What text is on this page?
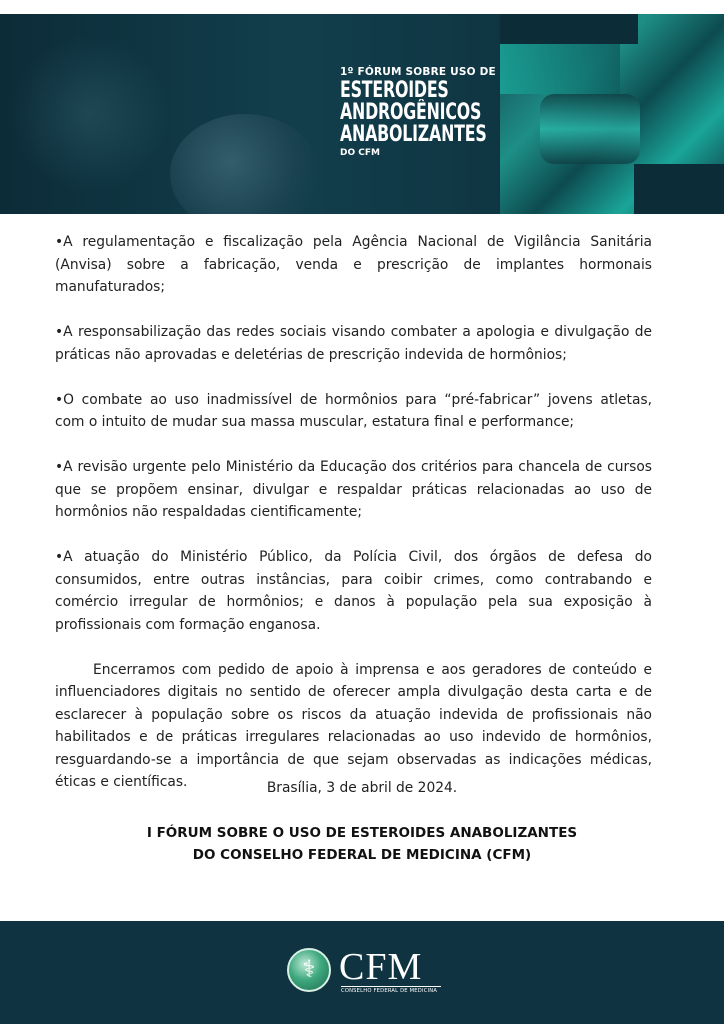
1º FÓRUM SOBRE USO DE
ESTEROIDES
ANDROGÊNICOS
ANABOLIZANTES
DO CFM

•A regulamentação e fiscalização pela Agência Nacional de Vigilância Sanitária (Anvisa) sobre a fabricação, venda e prescrição de implantes hormonais manufaturados;

•A responsabilização das redes sociais visando combater a apologia e divulgação de práticas não aprovadas e deletérias de prescrição indevida de hormônios;

•O combate ao uso inadmissível de hormônios para “pré-fabricar” jovens atletas, com o intuito de mudar sua massa muscular, estatura final e performance;

•A revisão urgente pelo Ministério da Educação dos critérios para chancela de cursos que se propõem ensinar, divulgar e respaldar práticas relacionadas ao uso de hormônios não respaldadas cientificamente;

•A atuação do Ministério Público, da Polícia Civil, dos órgãos de defesa do consumidos, entre outras instâncias, para coibir crimes, como contrabando e comércio irregular de hormônios; e danos à população pela sua exposição à profissionais com formação enganosa.

Encerramos com pedido de apoio à imprensa e aos geradores de conteúdo e influenciadores digitais no sentido de oferecer ampla divulgação desta carta e de esclarecer à população sobre os riscos da atuação indevida de profissionais não habilitados e de práticas irregulares relacionadas ao uso indevido de hormônios, resguardando-se a importância de que sejam observadas as indicações médicas, éticas e científicas.	Brasília, 3 de abril de 2024.
I FÓRUM SOBRE O USO DE ESTEROIDES ANABOLIZANTES
DO CONSELHO FEDERAL DE MEDICINA (CFM)
⚕
CFM
CONSELHO FEDERAL DE MEDICINA
